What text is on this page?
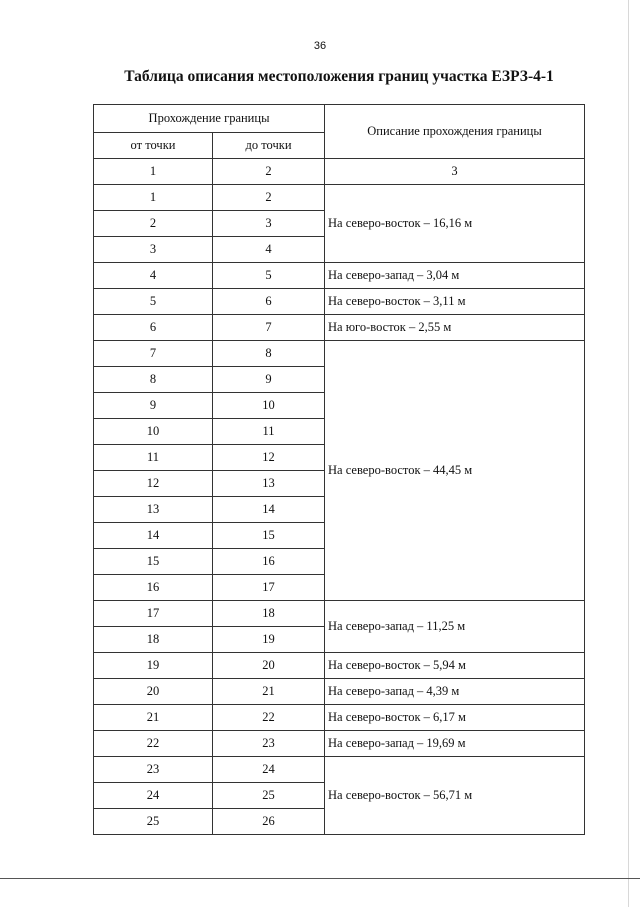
36
Таблица описания местоположения границ участка ЕЗРЗ-4-1
Прохождение границы		Описание прохождения границы
от точки	до точки	
1	2	3
1	2	На северо-восток – 16,16 м
2	3	
3	4	
4	5	На северо-запад – 3,04 м
5	6	На северо-восток – 3,11 м
6	7	На юго-восток – 2,55 м
7	8	На северо-восток – 44,45 м
8	9	
9	10	
10	11	
11	12	
12	13	
13	14	
14	15	
15	16	
16	17	
17	18	На северо-запад – 11,25 м
18	19	
19	20	На северо-восток – 5,94 м
20	21	На северо-запад – 4,39 м
21	22	На северо-восток – 6,17 м
22	23	На северо-запад – 19,69 м
23	24	На северо-восток – 56,71 м
24	25	
25	26	
